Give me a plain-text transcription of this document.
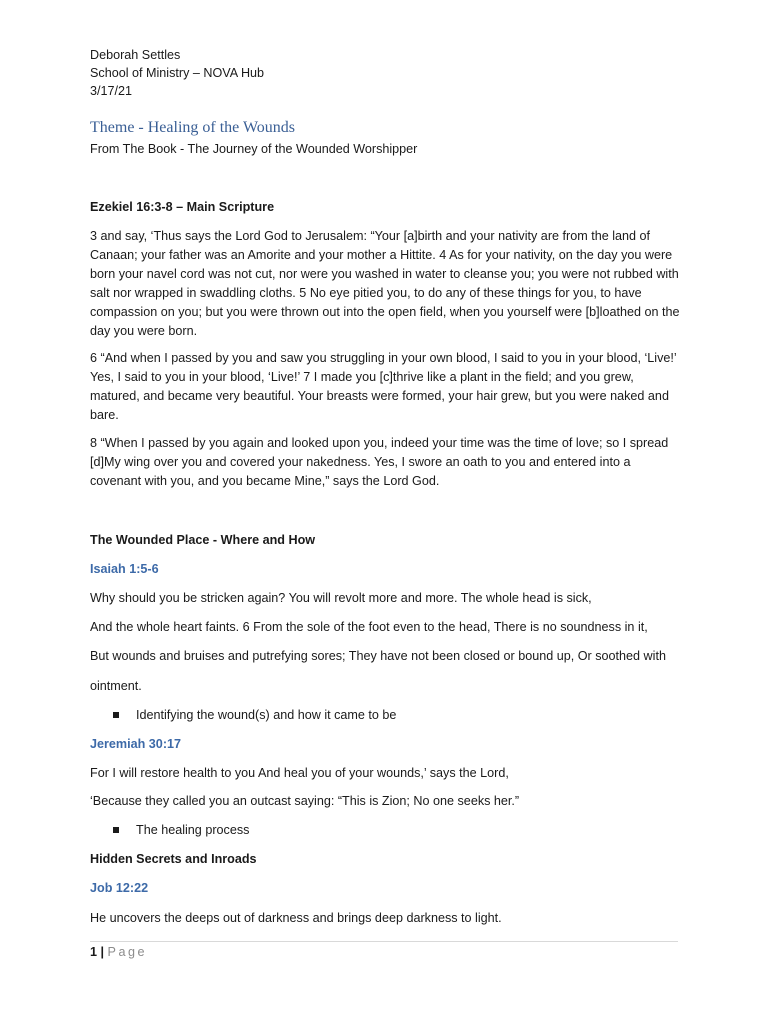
Deborah Settles
School of Ministry – NOVA Hub
3/17/21
Theme - Healing of the Wounds
From The Book - The Journey of the Wounded Worshipper
Ezekiel 16:3-8 – Main Scripture

3 and say, ‘Thus says the Lord God to Jerusalem: “Your [a]birth and your nativity are from the land of Canaan; your father was an Amorite and your mother a Hittite. 4 As for your nativity, on the day you were born your navel cord was not cut, nor were you washed in water to cleanse you; you were not rubbed with salt nor wrapped in swaddling cloths. 5 No eye pitied you, to do any of these things for you, to have compassion on you; but you were thrown out into the open field, when you yourself were [b]loathed on the day you were born.

6 “And when I passed by you and saw you struggling in your own blood, I said to you in your blood, ‘Live!’ Yes, I said to you in your blood, ‘Live!’ 7 I made you [c]thrive like a plant in the field; and you grew, matured, and became very beautiful. Your breasts were formed, your hair grew, but you were naked and bare.

8 “When I passed by you again and looked upon you, indeed your time was the time of love; so I spread [d]My wing over you and covered your nakedness. Yes, I swore an oath to you and entered into a covenant with you, and you became Mine,” says the Lord God.

The Wounded Place - Where and How
Isaiah 1:5-6
Why should you be stricken again? You will revolt more and more. The whole head is sick,
And the whole heart faints. 6 From the sole of the foot even to the head, There is no soundness in it,
But wounds and bruises and putrefying sores; They have not been closed or bound up, Or soothed with
ointment.
Identifying the wound(s) and how it came to be
Jeremiah 30:17
For I will restore health to you And heal you of your wounds,’ says the Lord,
‘Because they called you an outcast saying: “This is Zion; No one seeks her.”
The healing process
Hidden Secrets and Inroads
Job 12:22
He uncovers the deeps out of darkness and brings deep darkness to light.
1 | Page
